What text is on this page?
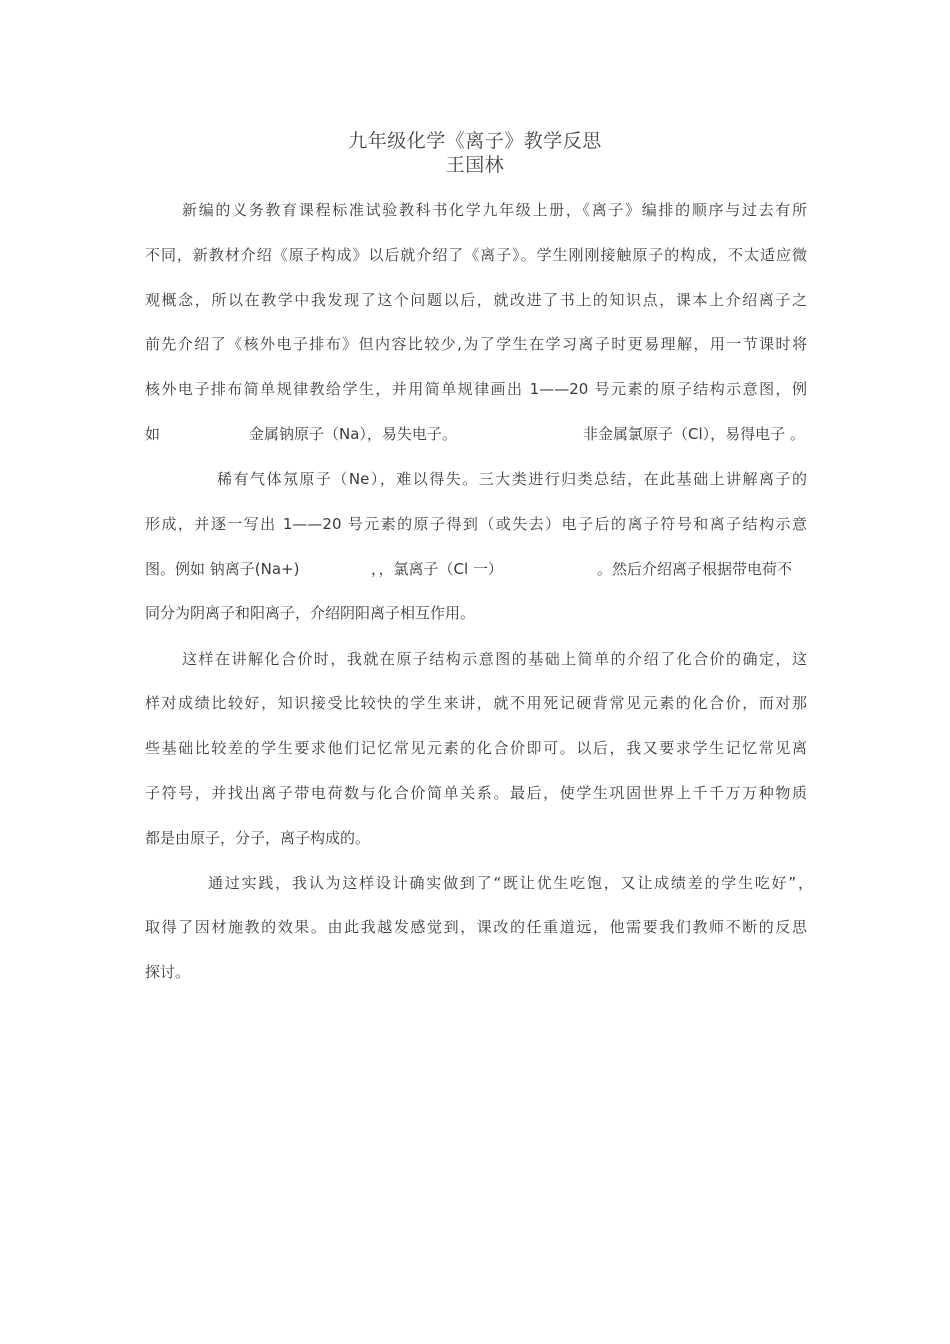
九年级化学《离子》教学反思
王国林
新编的义务教育课程标准试验教科书化学九年级上册，《离子》编排的顺序与过去有所
不同，新教材介绍《原子构成》以后就介绍了《离子》。学生刚刚接触原子的构成，不太适应微
观概念，所以在教学中我发现了这个问题以后，就改进了书上的知识点，课本上介绍离子之
前先介绍了《核外电子排布》但内容比较少,为了学生在学习离子时更易理解，用一节课时将
核外电子排布简单规律教给学生，并用简单规律画出 1——20 号元素的原子结构示意图，例
如	金属钠原子（Na），易失电子。	非金属氯原子（Cl），易得电子 。
稀有气体氖原子（Ne），难以得失。三大类进行归类总结，在此基础上讲解离子的
形成，并逐一写出 1——20 号元素的原子得到（或失去）电子后的离子符号和离子结构示意
图。例如 钠离子(Na+)	，，氯离子（Cl 一）	。然后介绍离子根据带电荷不
同分为阴离子和阳离子，介绍阴阳离子相互作用。
这样在讲解化合价时，我就在原子结构示意图的基础上简单的介绍了化合价的确定，这
样对成绩比较好，知识接受比较快的学生来讲，就不用死记硬背常见元素的化合价，而对那
些基础比较差的学生要求他们记忆常见元素的化合价即可。以后，我又要求学生记忆常见离
子符号，并找出离子带电荷数与化合价简单关系。最后，使学生巩固世界上千千万万种物质
都是由原子，分子，离子构成的。
通过实践，我认为这样设计确实做到了“既让优生吃饱，又让成绩差的学生吃好”，
取得了因材施教的效果。由此我越发感觉到，课改的任重道远，他需要我们教师不断的反思
探讨。
